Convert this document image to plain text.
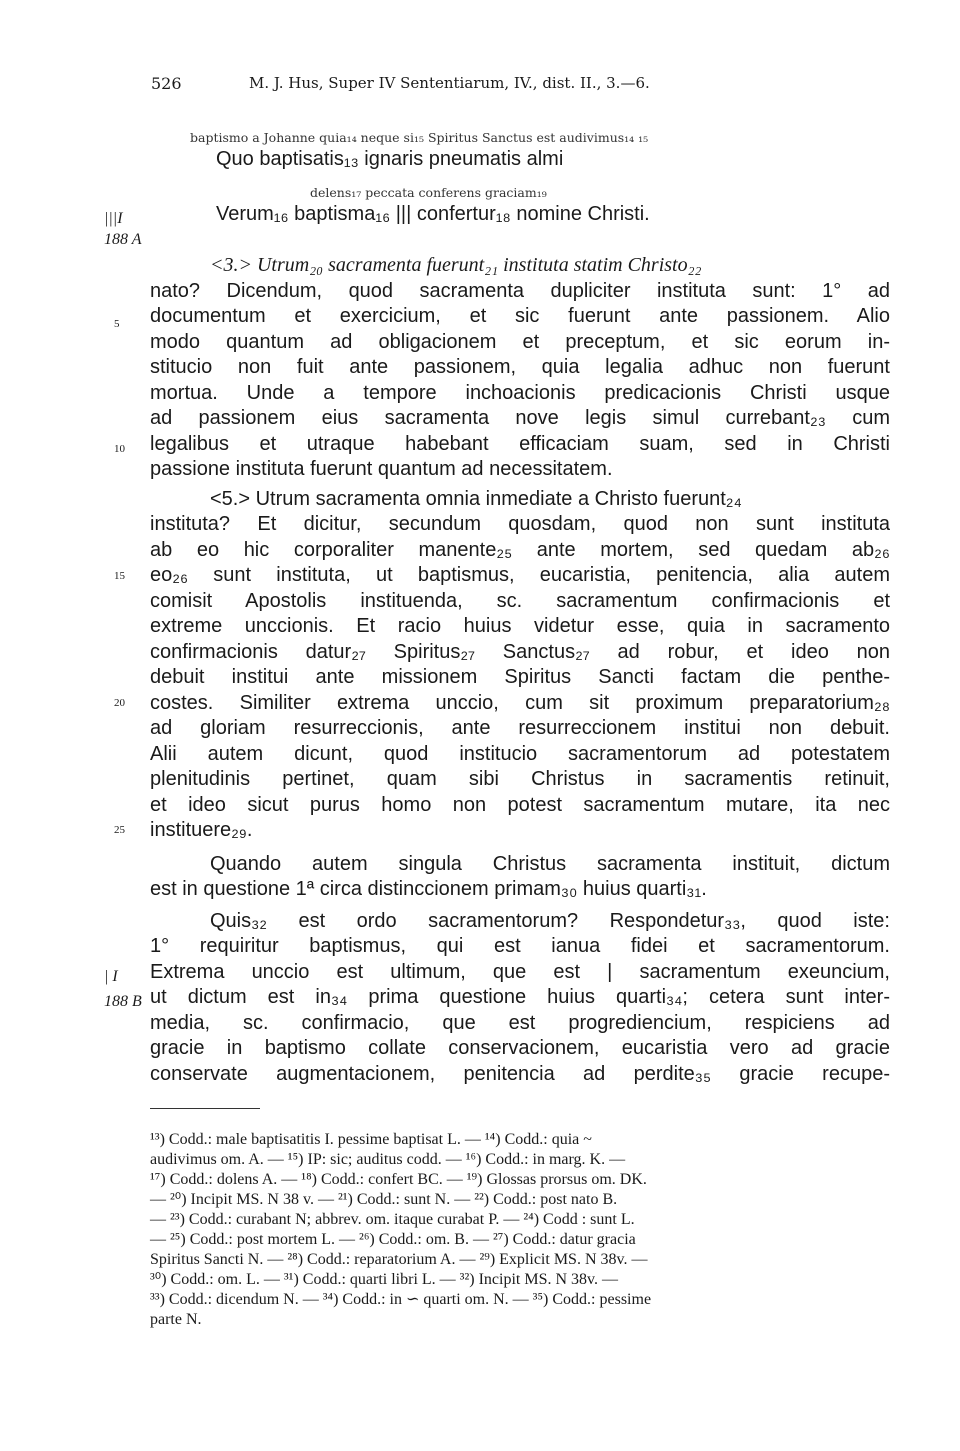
526	M. J. Hus, Super IV Sententiarum, IV., dist. II., 3.—6.
baptismo a Johanne quia₁₄ neque si₁₅ Spiritus Sanctus est audivimus₁₄ ₁₅
Quo baptisatis₁₃ ignaris pneumatis almi
delens₁₇ peccata conferens graciam₁₉
Verum₁₆ baptisma₁₆ ||| confertur₁₈ nomine Christi.
|||I
188 A
| I
188 B
5
10
15
20
25
<3.> Utrum₂₀ sacramenta fuerunt₂₁ instituta statim Christo₂₂
nato? Dicendum, quod sacramenta dupliciter instituta sunt: 1° ad
documentum et exercicium, et sic fuerunt ante passionem. Alio
modo quantum ad obligacionem et preceptum, et sic eorum in-
stitucio non fuit ante passionem, quia legalia adhuc non fuerunt
mortua. Unde a tempore inchoacionis predicacionis Christi usque
ad passionem eius sacramenta nove legis simul currebant₂₃ cum
legalibus et utraque habebant efficaciam suam, sed in Christi
passione instituta fuerunt quantum ad necessitatem.
<5.> Utrum sacramenta omnia inmediate a Christo fuerunt₂₄
instituta? Et dicitur, secundum quosdam, quod non sunt instituta
ab eo hic corporaliter manente₂₅ ante mortem, sed quedam ab₂₆
eo₂₆ sunt instituta, ut baptismus, eucaristia, penitencia, alia autem
comisit Apostolis instituenda, sc. sacramentum confirmacionis et
extreme unccionis. Et racio huius videtur esse, quia in sacramento
confirmacionis datur₂₇ Spiritus₂₇ Sanctus₂₇ ad robur, et ideo non
debuit institui ante missionem Spiritus Sancti factam die penthe-
costes. Similiter extrema unccio, cum sit proximum preparatorium₂₈
ad gloriam resurreccionis, ante resurreccionem institui non debuit.
Alii autem dicunt, quod institucio sacramentorum ad potestatem
plenitudinis pertinet, quam sibi Christus in sacramentis retinuit,
et ideo sicut purus homo non potest sacramentum mutare, ita nec
instituere₂₉.
Quando autem singula Christus sacramenta instituit, dictum
est in questione 1ª circa distinccionem primam₃₀ huius quarti₃₁.
Quis₃₂ est ordo sacramentorum? Respondetur₃₃, quod iste:
1° requiritur baptismus, qui est ianua fidei et sacramentorum.
Extrema unccio est ultimum, que est | sacramentum exeuncium,
ut dictum est in₃₄ prima questione huius quarti₃₄; cetera sunt inter-
media, sc. confirmacio, que est progrediencium, respiciens ad
gracie in baptismo collate conservacionem, eucaristia vero ad gracie
conservate augmentacionem, penitencia ad perdite₃₅ gracie recupe-
¹³) Codd.: male baptisatitis I. pessime baptisat L. — ¹⁴) Codd.: quia ~
audivimus om. A. — ¹⁵) IP: sic; auditus codd. — ¹⁶) Codd.: in marg. K. —
¹⁷) Codd.: dolens A. — ¹⁸) Codd.: confert BC. — ¹⁹) Glossas prorsus om. DK.
— ²⁰) Incipit MS. N 38 v. — ²¹) Codd.: sunt N. — ²²) Codd.: post nato B.
— ²³) Codd.: curabant N; abbrev. om. itaque curabat P. — ²⁴) Codd : sunt L.
— ²⁵) Codd.: post mortem L. — ²⁶) Codd.: om. B. — ²⁷) Codd.: datur gracia
Spiritus Sancti N. — ²⁸) Codd.: reparatorium A. — ²⁹) Explicit MS. N 38v. —
³⁰) Codd.: om. L. — ³¹) Codd.: quarti libri L. — ³²) Incipit MS. N 38v. —
³³) Codd.: dicendum N. — ³⁴) Codd.: in ∽ quarti om. N. — ³⁵) Codd.: pessime
parte N.
